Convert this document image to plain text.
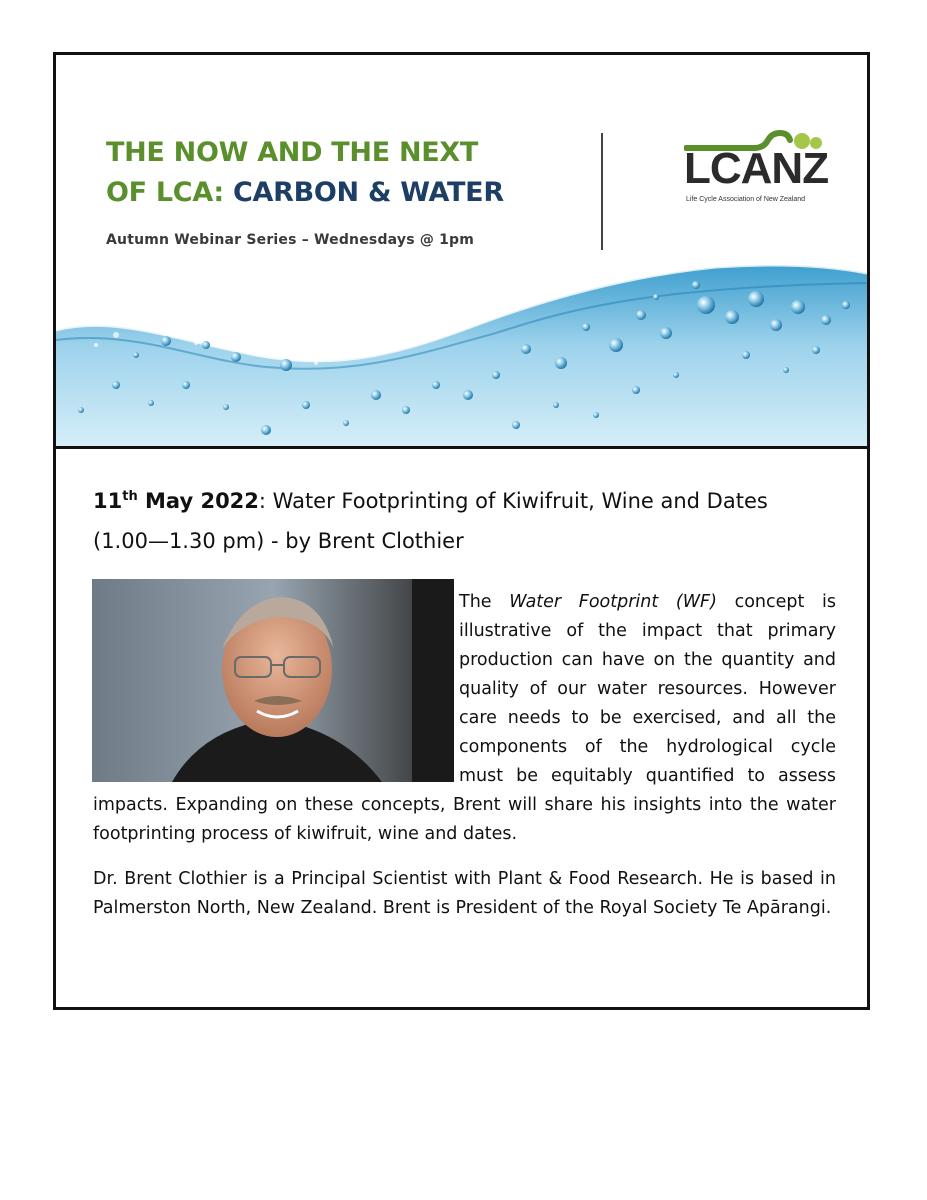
THE NOW AND THE NEXT
OF LCA: CARBON & WATER
Autumn Webinar Series – Wednesdays @ 1pm
LCANZ
Life Cycle Association of New Zealand
11th May 2022: Water Footprinting of Kiwifruit, Wine and Dates
(1.00—1.30 pm) - by Brent Clothier

The Water Footprint (WF) concept is illustrative of the impact that primary production can have on the quantity and quality of our water resources. However care needs to be exercised, and all the components of the hydrological cycle must be equitably quantified to assess impacts. Expanding on these concepts, Brent will share his insights into the water footprinting process of kiwifruit, wine and dates.

Dr. Brent Clothier is a Principal Scientist with Plant & Food Research. He is based in Palmerston North, New Zealand. Brent is President of the Royal Society Te Apārangi.
